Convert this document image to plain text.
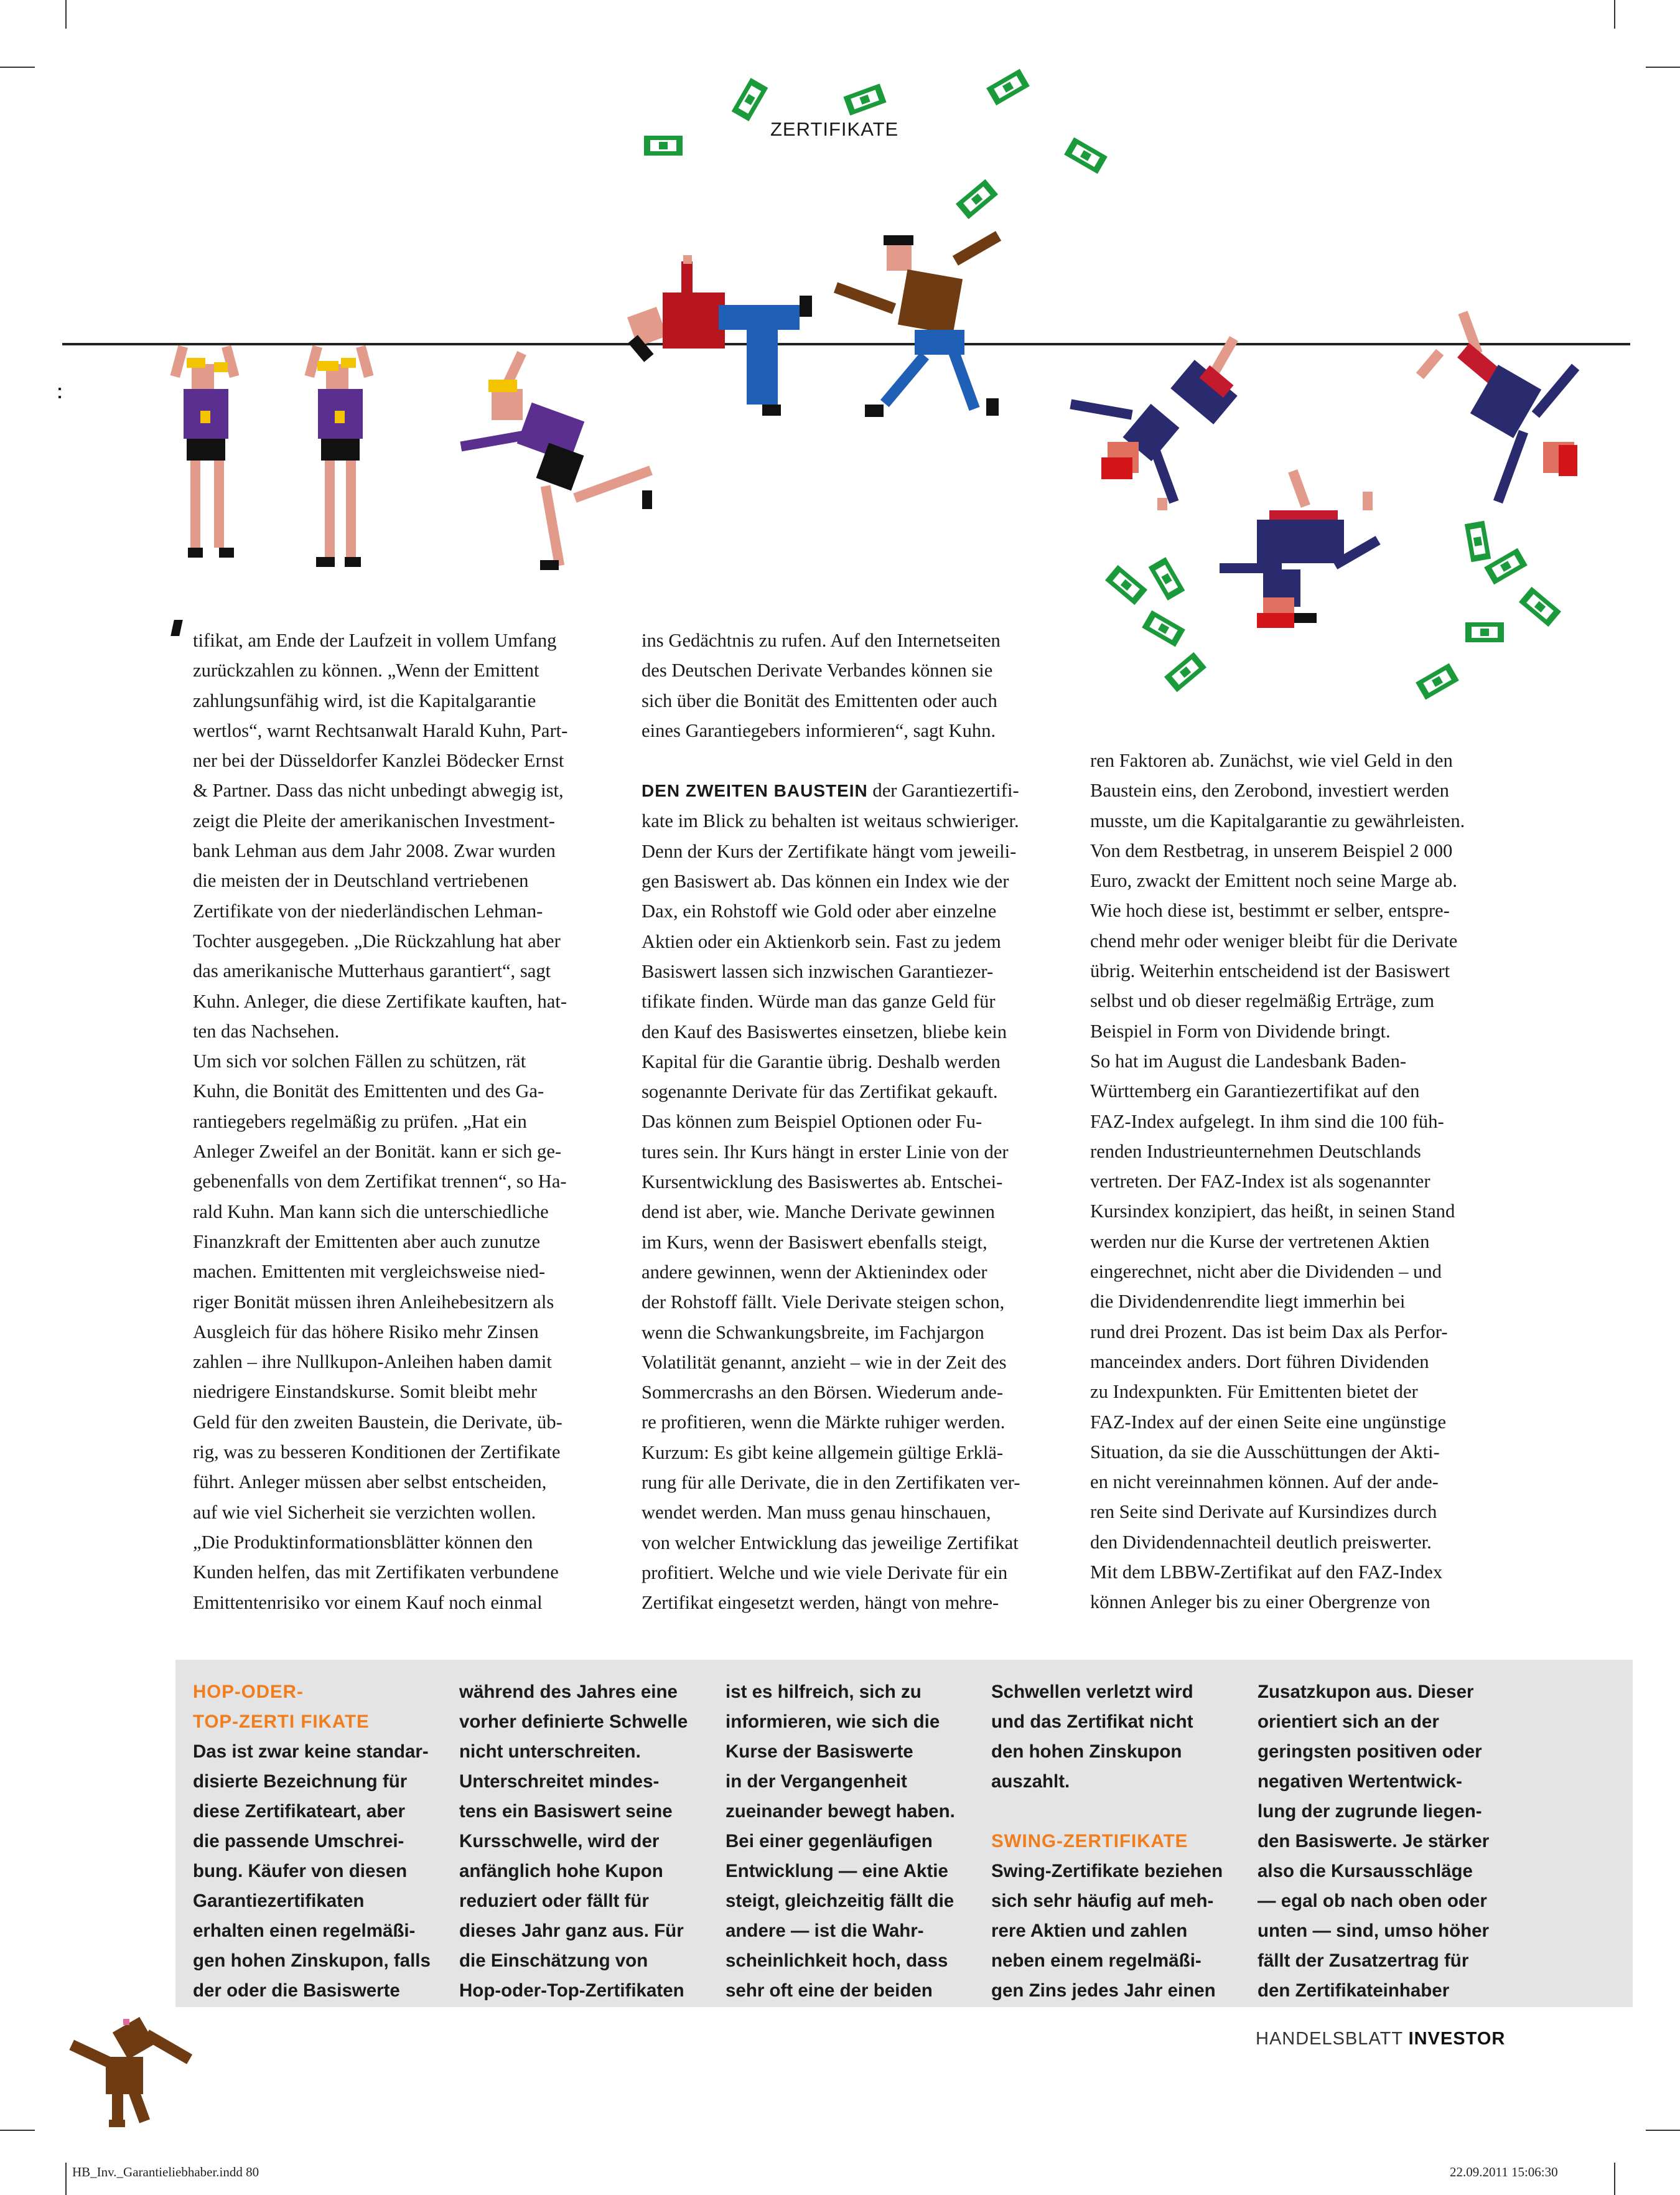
ZERTIFIKATE

tifikat, am Ende der Laufzeit in vollem Umfang

zurückzahlen zu können. „Wenn der Emittent

zahlungsunfähig wird, ist die Kapitalgarantie

wertlos“, warnt Rechtsanwalt Harald Kuhn, Part-

ner bei der Düsseldorfer Kanzlei Bödecker Ernst

& Partner. Dass das nicht unbedingt abwegig ist,

zeigt die Pleite der amerikanischen Investment-

bank Lehman aus dem Jahr 2008. Zwar wurden

die meisten der in Deutschland vertriebenen

Zertifikate von der niederländischen Lehman-

Tochter ausgegeben. „Die Rückzahlung hat aber

das amerikanische Mutterhaus garantiert“, sagt

Kuhn. Anleger, die diese Zertifikate kauften, hat-

ten das Nachsehen.

Um sich vor solchen Fällen zu schützen, rät

Kuhn, die Bonität des Emittenten und des Ga-

rantiegebers regelmäßig zu prüfen. „Hat ein

Anleger Zweifel an der Bonität. kann er sich ge-

gebenenfalls von dem Zertifikat trennen“, so Ha-

rald Kuhn. Man kann sich die unterschiedliche

Finanzkraft der Emittenten aber auch zunutze

machen. Emittenten mit vergleichsweise nied-

riger Bonität müssen ihren Anleihebesitzern als

Ausgleich für das höhere Risiko mehr Zinsen

zahlen – ihre Nullkupon-Anleihen haben damit

niedrigere Einstandskurse. Somit bleibt mehr

Geld für den zweiten Baustein, die Derivate, üb-

rig, was zu besseren Konditionen der Zertifikate

führt. Anleger müssen aber selbst entscheiden,

auf wie viel Sicherheit sie verzichten wollen.

„Die Produktinformationsblätter können den

Kunden helfen, das mit Zertifikaten verbundene

Emittentenrisiko vor einem Kauf noch einmal

ins Gedächtnis zu rufen. Auf den Internetseiten

des Deutschen Derivate Verbandes können sie

sich über die Bonität des Emittenten oder auch

eines Garantiegebers informieren“, sagt Kuhn.

DEN ZWEITEN BAUSTEIN der Garantiezertifi-

kate im Blick zu behalten ist weitaus schwieriger.

Denn der Kurs der Zertifikate hängt vom jeweili-

gen Basiswert ab. Das können ein Index wie der

Dax, ein Rohstoff wie Gold oder aber einzelne

Aktien oder ein Aktienkorb sein. Fast zu jedem

Basiswert lassen sich inzwischen Garantiezer-

tifikate finden. Würde man das ganze Geld für

den Kauf des Basiswertes einsetzen, bliebe kein

Kapital für die Garantie übrig. Deshalb werden

sogenannte Derivate für das Zertifikat gekauft.

Das können zum Beispiel Optionen oder Fu-

tures sein. Ihr Kurs hängt in erster Linie von der

Kursentwicklung des Basiswertes ab. Entschei-

dend ist aber, wie. Manche Derivate gewinnen

im Kurs, wenn der Basiswert ebenfalls steigt,

andere gewinnen, wenn der Aktienindex oder

der Rohstoff fällt. Viele Derivate steigen schon,

wenn die Schwankungsbreite, im Fachjargon

Volatilität genannt, anzieht – wie in der Zeit des

Sommercrashs an den Börsen. Wiederum ande-

re profitieren, wenn die Märkte ruhiger werden.

Kurzum: Es gibt keine allgemein gültige Erklä-

rung für alle Derivate, die in den Zertifikaten ver-

wendet werden. Man muss genau hinschauen,

von welcher Entwicklung das jeweilige Zertifikat

profitiert. Welche und wie viele Derivate für ein

Zertifikat eingesetzt werden, hängt von mehre-

ren Faktoren ab. Zunächst, wie viel Geld in den

Baustein eins, den Zerobond, investiert werden

musste, um die Kapitalgarantie zu gewährleisten.

Von dem Restbetrag, in unserem Beispiel 2 000

Euro, zwackt der Emittent noch seine Marge ab.

Wie hoch diese ist, bestimmt er selber, entspre-

chend mehr oder weniger bleibt für die Derivate

übrig. Weiterhin entscheidend ist der Basiswert

selbst und ob dieser regelmäßig Erträge, zum

Beispiel in Form von Dividende bringt.

So hat im August die Landesbank Baden-

Württemberg ein Garantiezertifikat auf den

FAZ-Index aufgelegt. In ihm sind die 100 füh-

renden Industrieunternehmen Deutschlands

vertreten. Der FAZ-Index ist als sogenannter

Kursindex konzipiert, das heißt, in seinen Stand

werden nur die Kurse der vertretenen Aktien

eingerechnet, nicht aber die Dividenden – und

die Dividendenrendite liegt immerhin bei

rund drei Prozent. Das ist beim Dax als Perfor-

manceindex anders. Dort führen Dividenden

zu Indexpunkten. Für Emittenten bietet der

FAZ-Index auf der einen Seite eine ungünstige

Situation, da sie die Ausschüttungen der Akti-

en nicht vereinnahmen können. Auf der ande-

ren Seite sind Derivate auf Kursindizes durch

den Dividendennachteil deutlich preiswerter.

Mit dem LBBW-Zertifikat auf den FAZ-Index

können Anleger bis zu einer Obergrenze von

HOP-ODER-

TOP-ZERTI FIKATE

Das ist zwar keine standar-

disierte Bezeichnung für

diese Zertifikateart, aber

die passende Umschrei-

bung. Käufer von diesen

Garantiezertifikaten

erhalten einen regelmäßi-

gen hohen Zinskupon, falls

der oder die Basiswerte

während des Jahres eine

vorher definierte Schwelle

nicht unterschreiten.

Unterschreitet mindes-

tens ein Basiswert seine

Kursschwelle, wird der

anfänglich hohe Kupon

reduziert oder fällt für

dieses Jahr ganz aus. Für

die Einschätzung von

Hop-oder-Top-Zertifikaten

ist es hilfreich, sich zu

informieren, wie sich die

Kurse der Basiswerte

in der Vergangenheit

zueinander bewegt haben.

Bei einer gegenläufigen

Entwicklung — eine Aktie

steigt, gleichzeitig fällt die

andere — ist die Wahr-

scheinlichkeit hoch, dass

sehr oft eine der beiden

Schwellen verletzt wird

und das Zertifikat nicht

den hohen Zinskupon

auszahlt.

SWING-ZERTIFIKATE

Swing-Zertifikate beziehen

sich sehr häufig auf meh-

rere Aktien und zahlen

neben einem regelmäßi-

gen Zins jedes Jahr einen

Zusatzkupon aus. Dieser

orientiert sich an der

geringsten positiven oder

negativen Wertentwick-

lung der zugrunde liegen-

den Basiswerte. Je stärker

also die Kursausschläge

— egal ob nach oben oder

unten — sind, umso höher

fällt der Zusatzertrag für

den Zertifikateinhaber

HANDELSBLATT INVESTOR
HB_Inv._Garantieliebhaber.indd 80	22.09.2011 15:06:30
